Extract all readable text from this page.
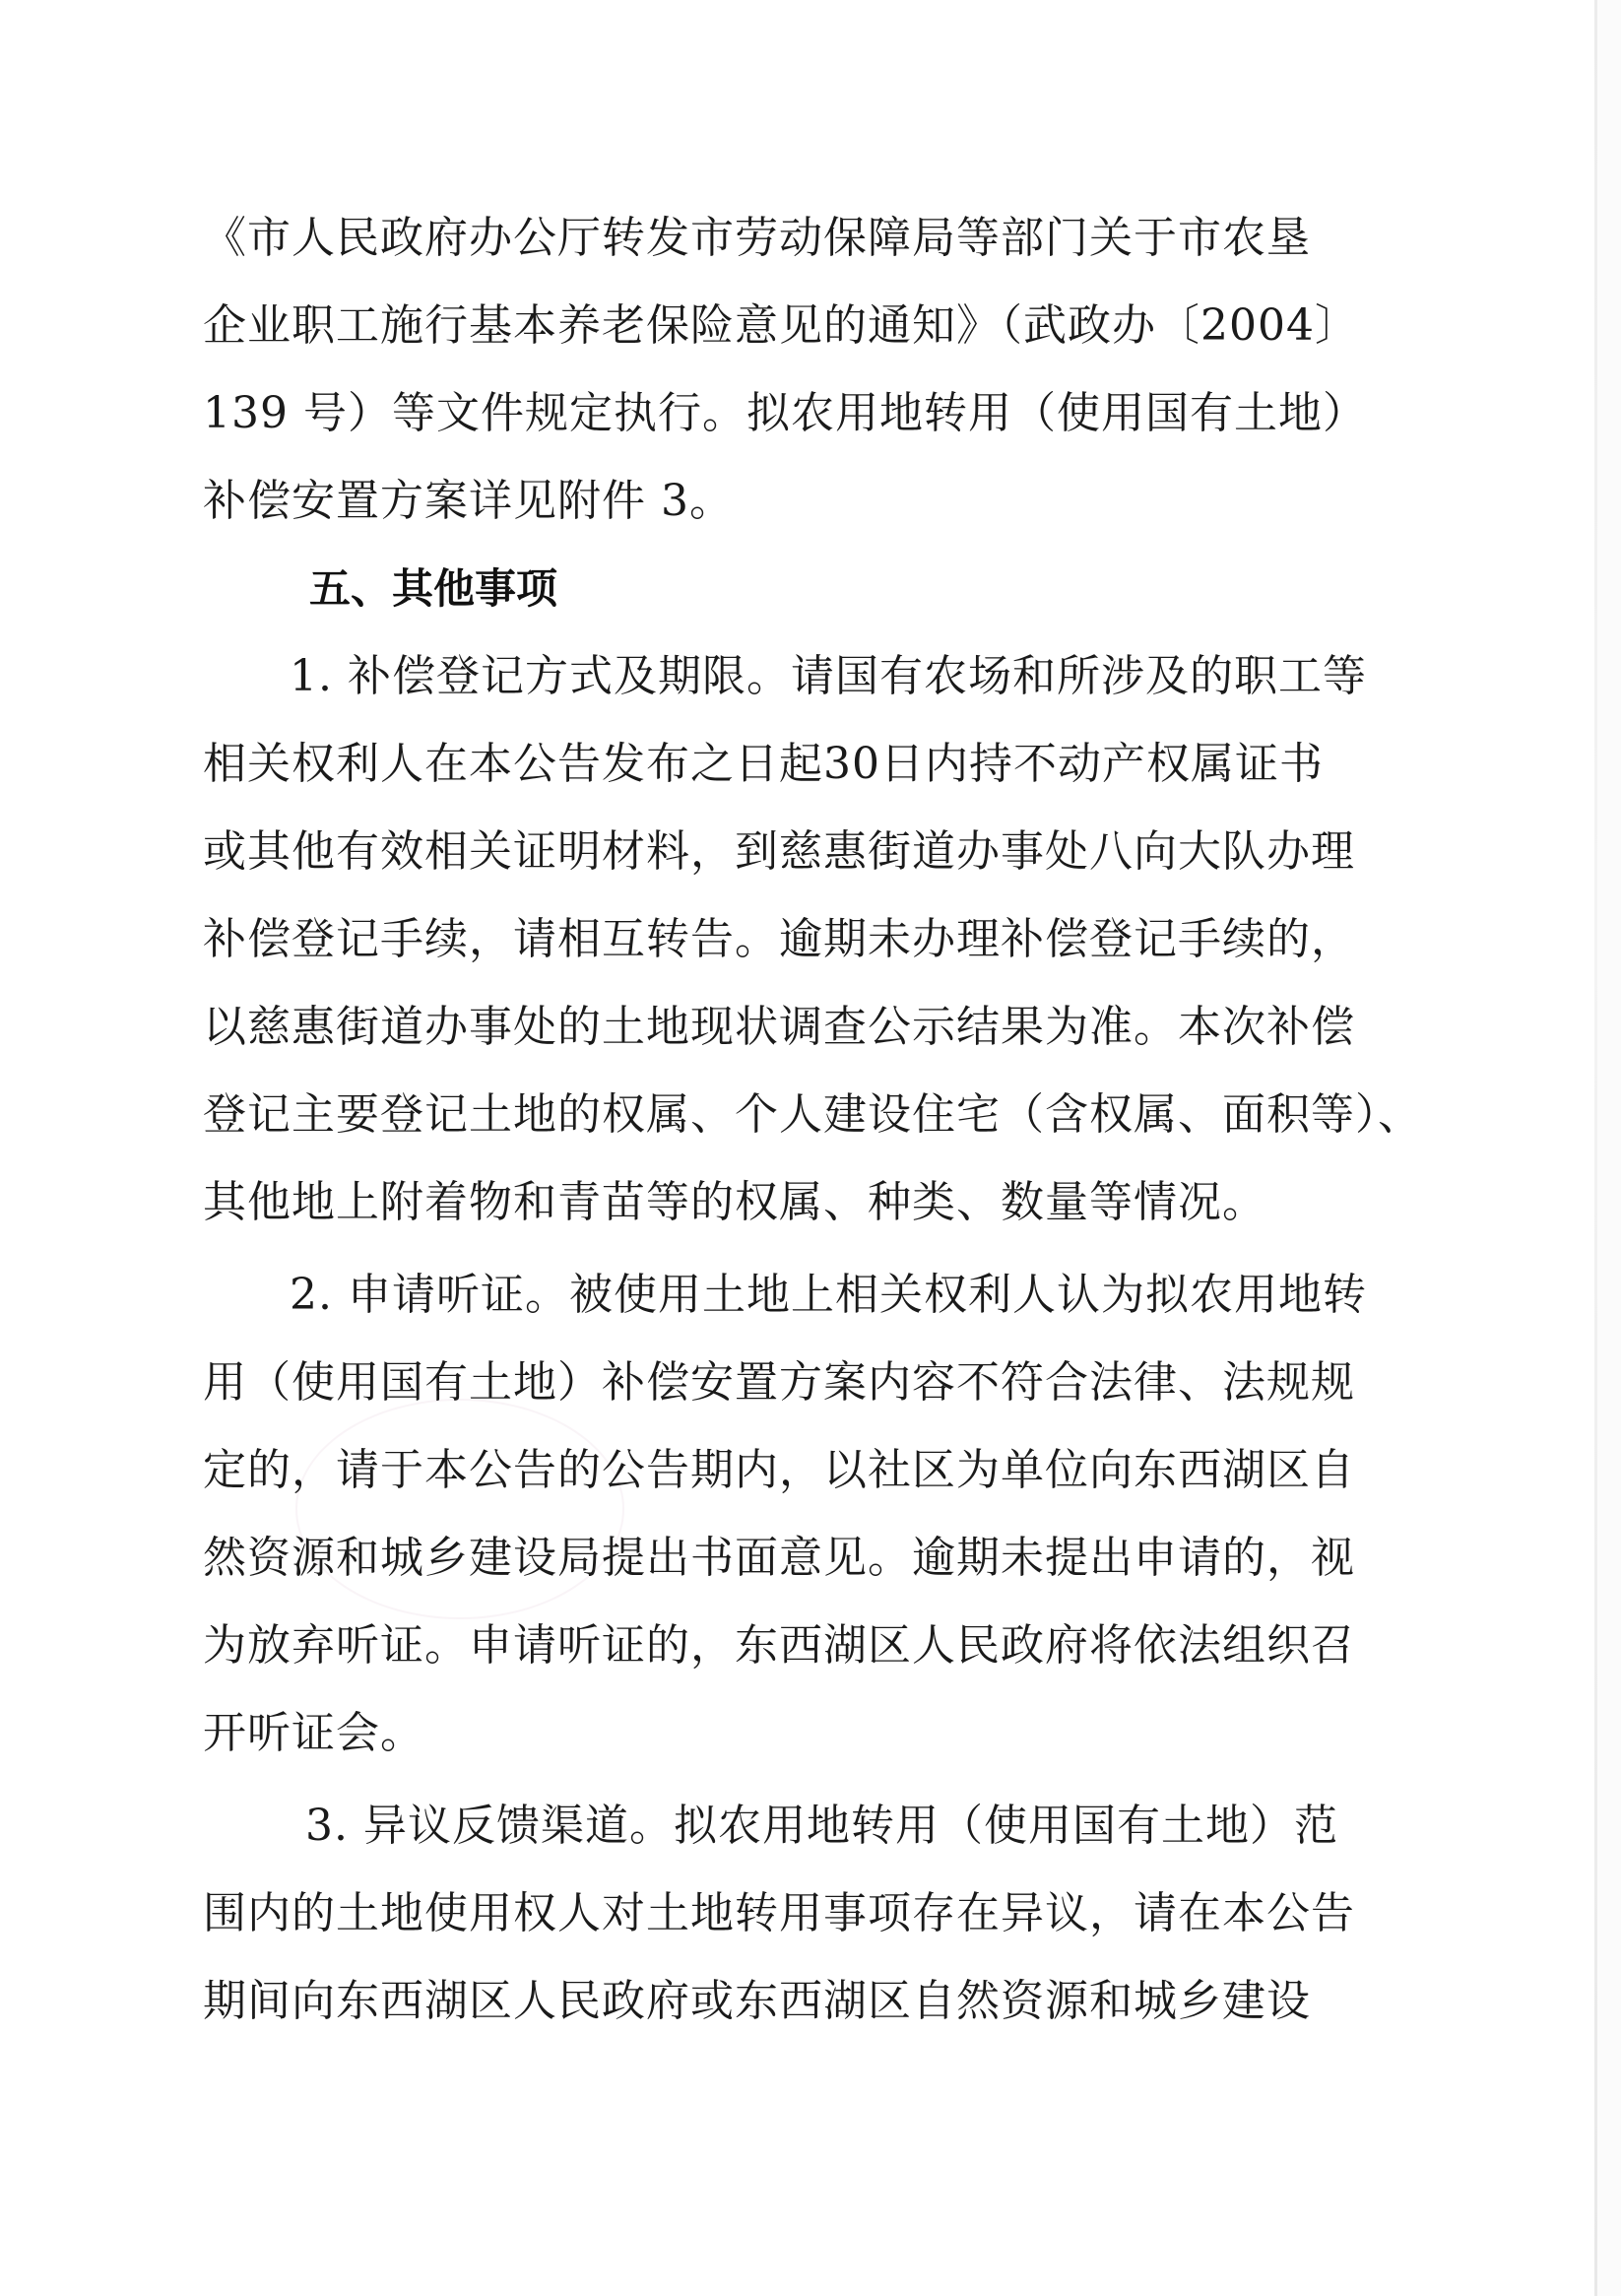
《市人民政府办公厅转发市劳动保障局等部门关于市农垦
企业职工施行基本养老保险意见的通知》（武政办〔2004〕
139 号）等文件规定执行。拟农用地转用（使用国有土地）
补偿安置方案详见附件 3。
五、其他事项
1. 补偿登记方式及期限。请国有农场和所涉及的职工等
相关权利人在本公告发布之日起30日内持不动产权属证书
或其他有效相关证明材料，到慈惠街道办事处八向大队办理
补偿登记手续，请相互转告。逾期未办理补偿登记手续的，
以慈惠街道办事处的土地现状调查公示结果为准。本次补偿
登记主要登记土地的权属、个人建设住宅（含权属、面积等）、
其他地上附着物和青苗等的权属、种类、数量等情况。
2. 申请听证。被使用土地上相关权利人认为拟农用地转
用（使用国有土地）补偿安置方案内容不符合法律、法规规
定的，请于本公告的公告期内，以社区为单位向东西湖区自
然资源和城乡建设局提出书面意见。逾期未提出申请的，视
为放弃听证。申请听证的，东西湖区人民政府将依法组织召
开听证会。
3. 异议反馈渠道。拟农用地转用（使用国有土地）范
围内的土地使用权人对土地转用事项存在异议，请在本公告
期间向东西湖区人民政府或东西湖区自然资源和城乡建设
